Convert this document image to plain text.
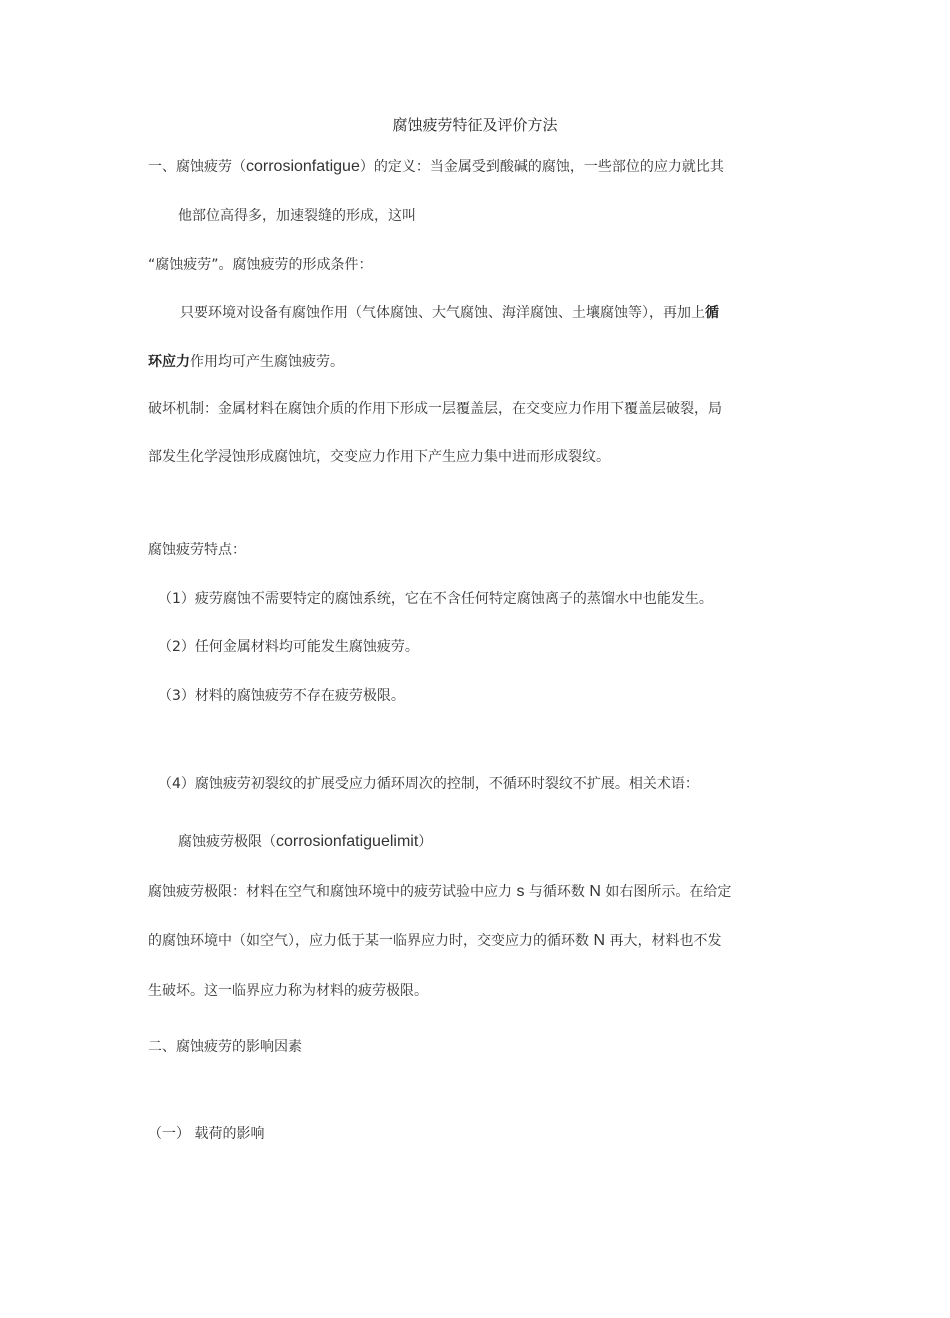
腐蚀疲劳特征及评价方法
一、腐蚀疲劳（corrosionfatigue）的定义：当金属受到酸碱的腐蚀，一些部位的应力就比其
他部位高得多，加速裂缝的形成，这叫
“腐蚀疲劳”。腐蚀疲劳的形成条件：
只要环境对设备有腐蚀作用（气体腐蚀、大气腐蚀、海洋腐蚀、土壤腐蚀等），再加上循
环应力作用均可产生腐蚀疲劳。
破坏机制：金属材料在腐蚀介质的作用下形成一层覆盖层，在交变应力作用下覆盖层破裂，局
部发生化学浸蚀形成腐蚀坑，交变应力作用下产生应力集中进而形成裂纹。
腐蚀疲劳特点：
（1）疲劳腐蚀不需要特定的腐蚀系统，它在不含任何特定腐蚀离子的蒸馏水中也能发生。
（2）任何金属材料均可能发生腐蚀疲劳。
（3）材料的腐蚀疲劳不存在疲劳极限。
（4）腐蚀疲劳初裂纹的扩展受应力循环周次的控制，不循环时裂纹不扩展。相关术语：
腐蚀疲劳极限（corrosionfatiguelimit）
腐蚀疲劳极限：材料在空气和腐蚀环境中的疲劳试验中应力 s 与循环数 N 如右图所示。在给定
的腐蚀环境中（如空气），应力低于某一临界应力时，交变应力的循环数 N 再大，材料也不发
生破坏。这一临界应力称为材料的疲劳极限。
二、腐蚀疲劳的影响因素
（一） 载荷的影响
